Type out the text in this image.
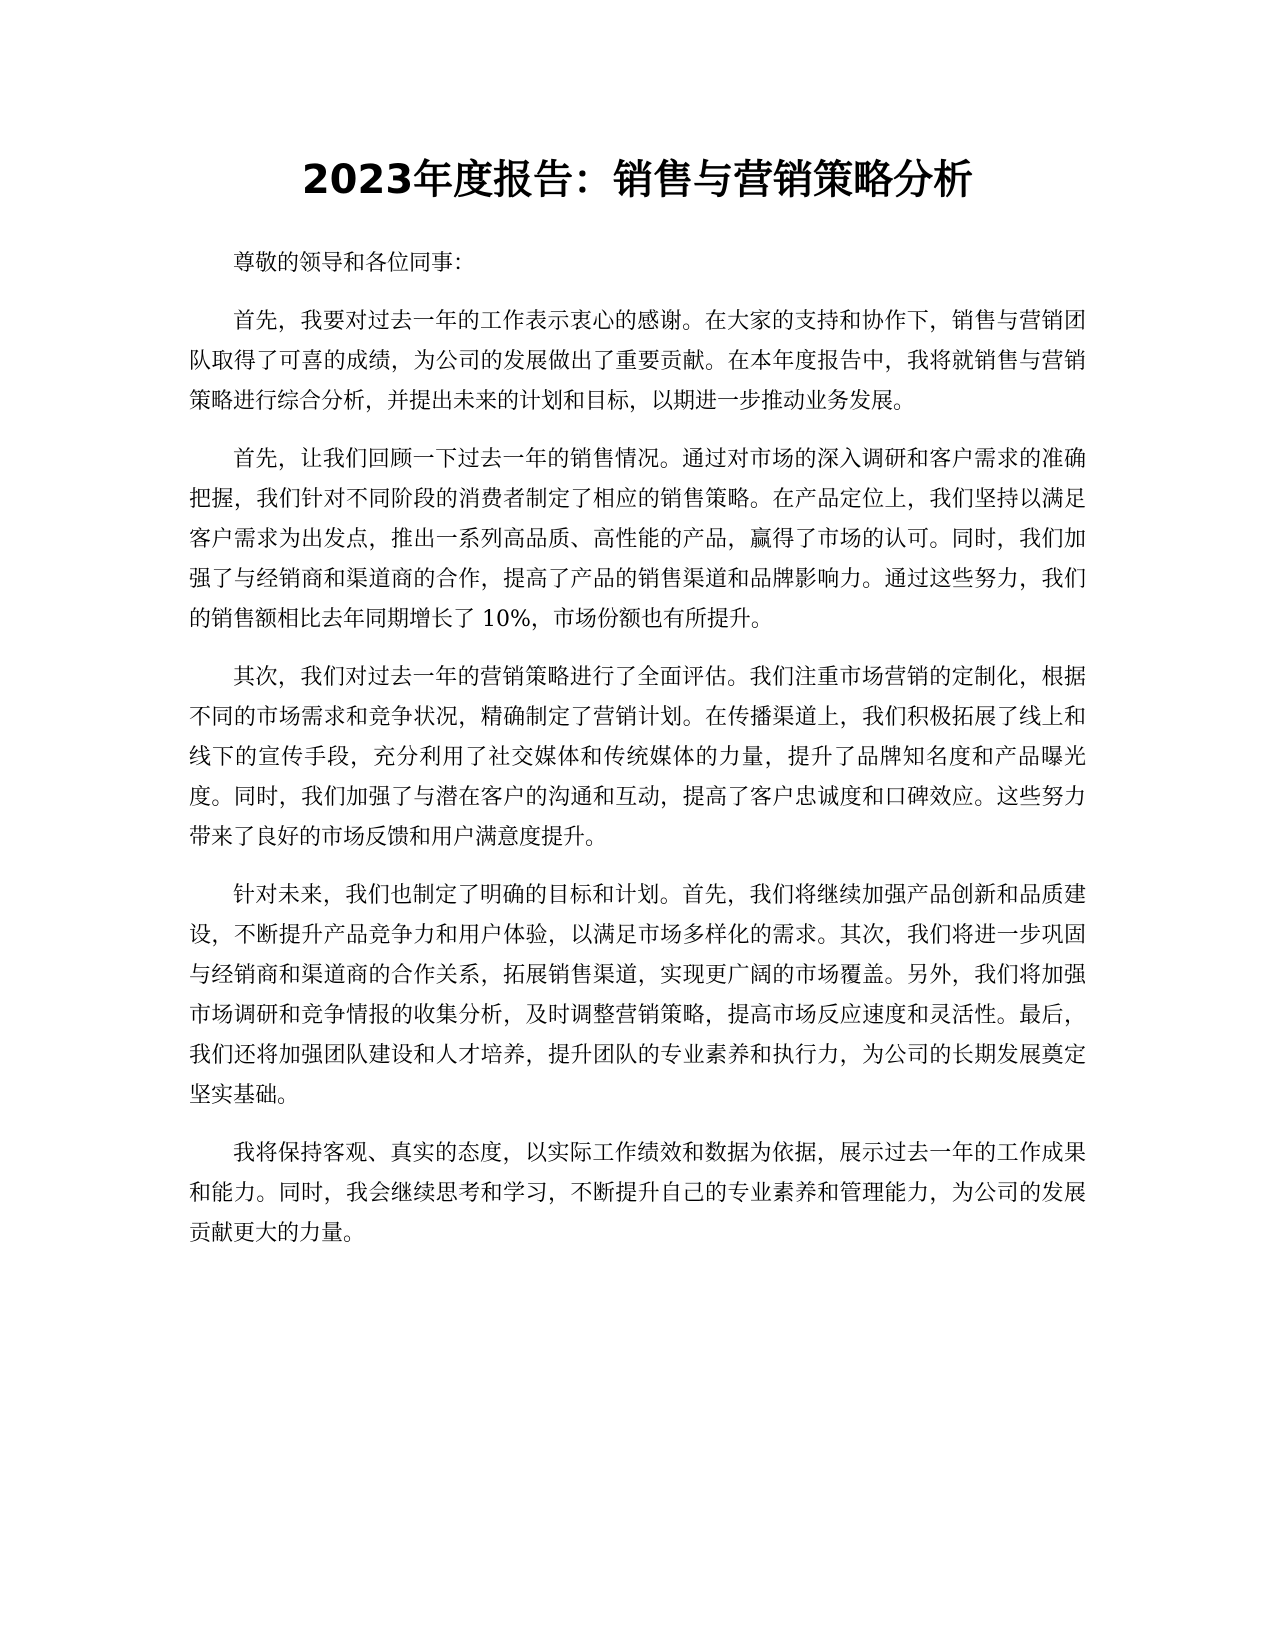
2023年度报告：销售与营销策略分析

尊敬的领导和各位同事：

首先，我要对过去一年的工作表示衷心的感谢。在大家的支持和协作下，销售与营销团队取得了可喜的成绩，为公司的发展做出了重要贡献。在本年度报告中，我将就销售与营销策略进行综合分析，并提出未来的计划和目标，以期进一步推动业务发展。

首先，让我们回顾一下过去一年的销售情况。通过对市场的深入调研和客户需求的准确把握，我们针对不同阶段的消费者制定了相应的销售策略。在产品定位上，我们坚持以满足客户需求为出发点，推出一系列高品质、高性能的产品，赢得了市场的认可。同时，我们加强了与经销商和渠道商的合作，提高了产品的销售渠道和品牌影响力。通过这些努力，我们的销售额相比去年同期增长了 10%，市场份额也有所提升。

其次，我们对过去一年的营销策略进行了全面评估。我们注重市场营销的定制化，根据不同的市场需求和竞争状况，精确制定了营销计划。在传播渠道上，我们积极拓展了线上和线下的宣传手段，充分利用了社交媒体和传统媒体的力量，提升了品牌知名度和产品曝光度。同时，我们加强了与潜在客户的沟通和互动，提高了客户忠诚度和口碑效应。这些努力带来了良好的市场反馈和用户满意度提升。

针对未来，我们也制定了明确的目标和计划。首先，我们将继续加强产品创新和品质建设，不断提升产品竞争力和用户体验，以满足市场多样化的需求。其次，我们将进一步巩固与经销商和渠道商的合作关系，拓展销售渠道，实现更广阔的市场覆盖。另外，我们将加强市场调研和竞争情报的收集分析，及时调整营销策略，提高市场反应速度和灵活性。最后，我们还将加强团队建设和人才培养，提升团队的专业素养和执行力，为公司的长期发展奠定坚实基础。

我将保持客观、真实的态度，以实际工作绩效和数据为依据，展示过去一年的工作成果和能力。同时，我会继续思考和学习，不断提升自己的专业素养和管理能力，为公司的发展贡献更大的力量。
